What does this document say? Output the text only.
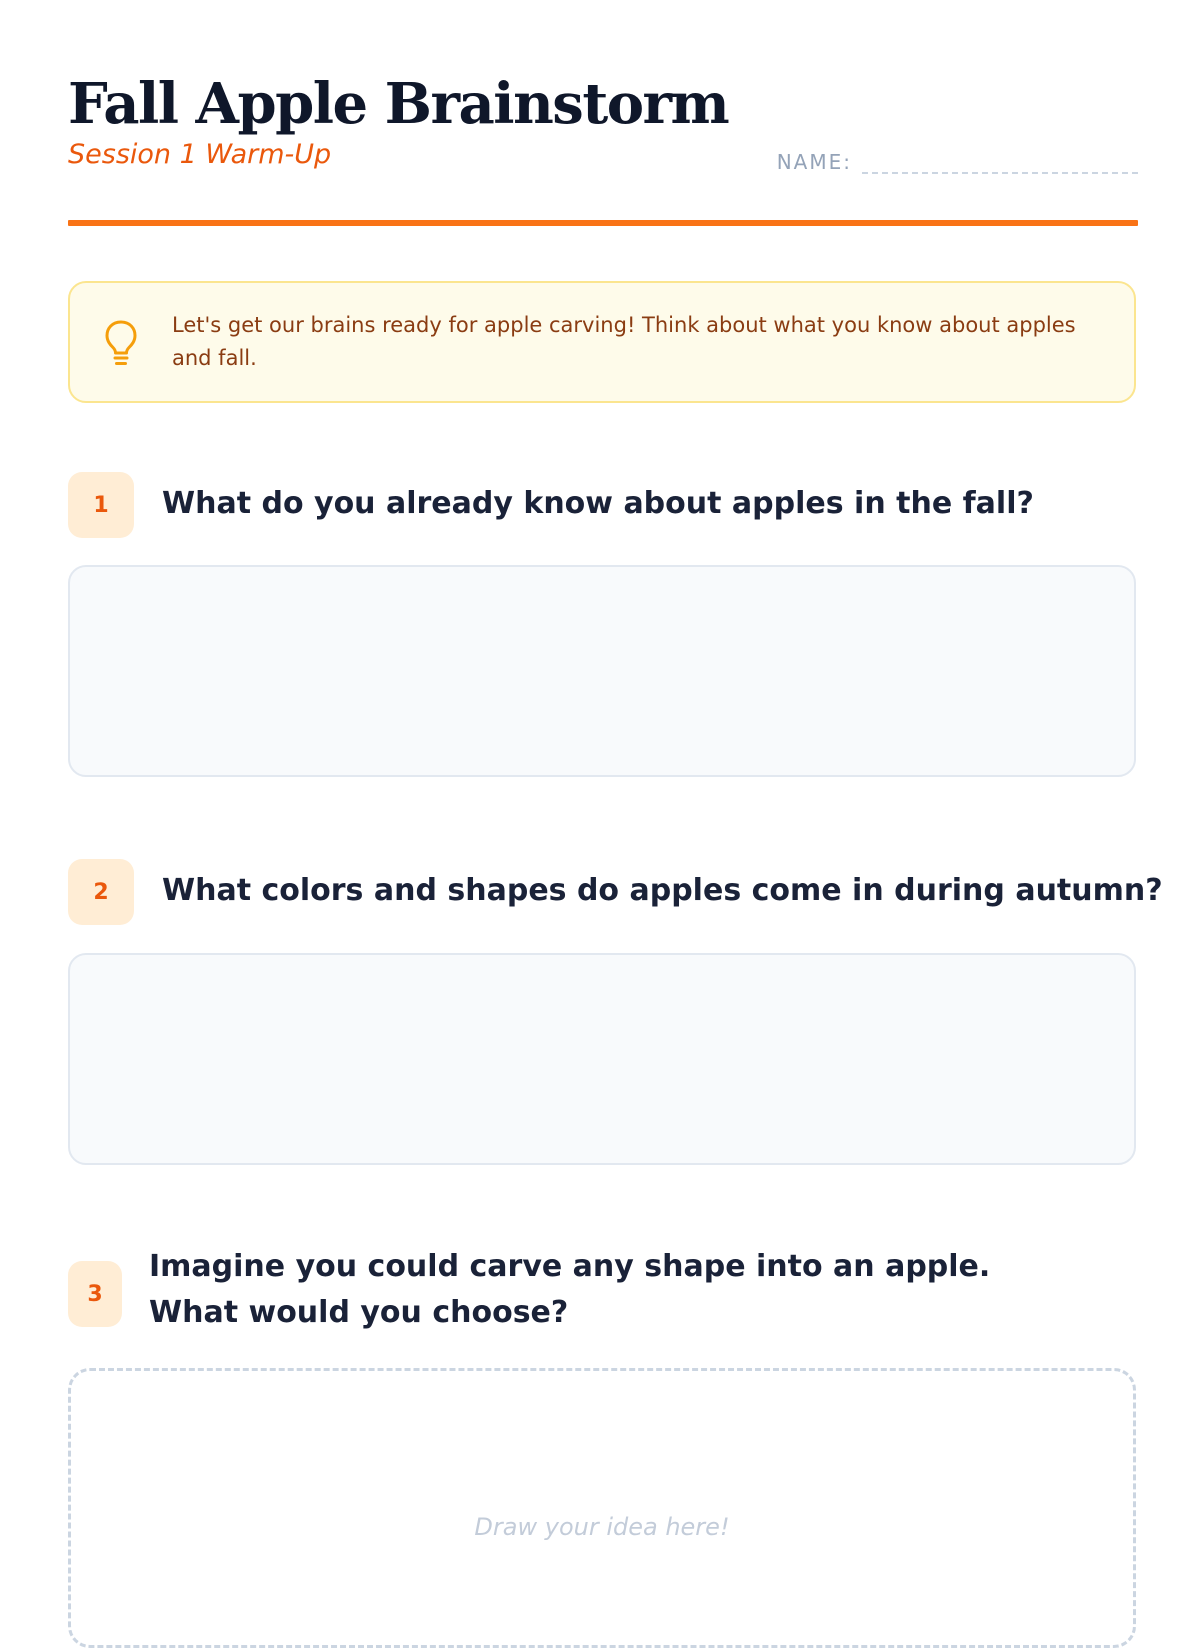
Fall Apple Brainstorm
Session 1 Warm-Up	NAME:
Let's get our brains ready for apple carving! Think about what you know about apples and fall.
1	What do you already know about apples in the fall?
2	What colors and shapes do apples come in during autumn?
3
Imagine you could carve any shape into an apple. What would you choose?
Draw your idea here!
